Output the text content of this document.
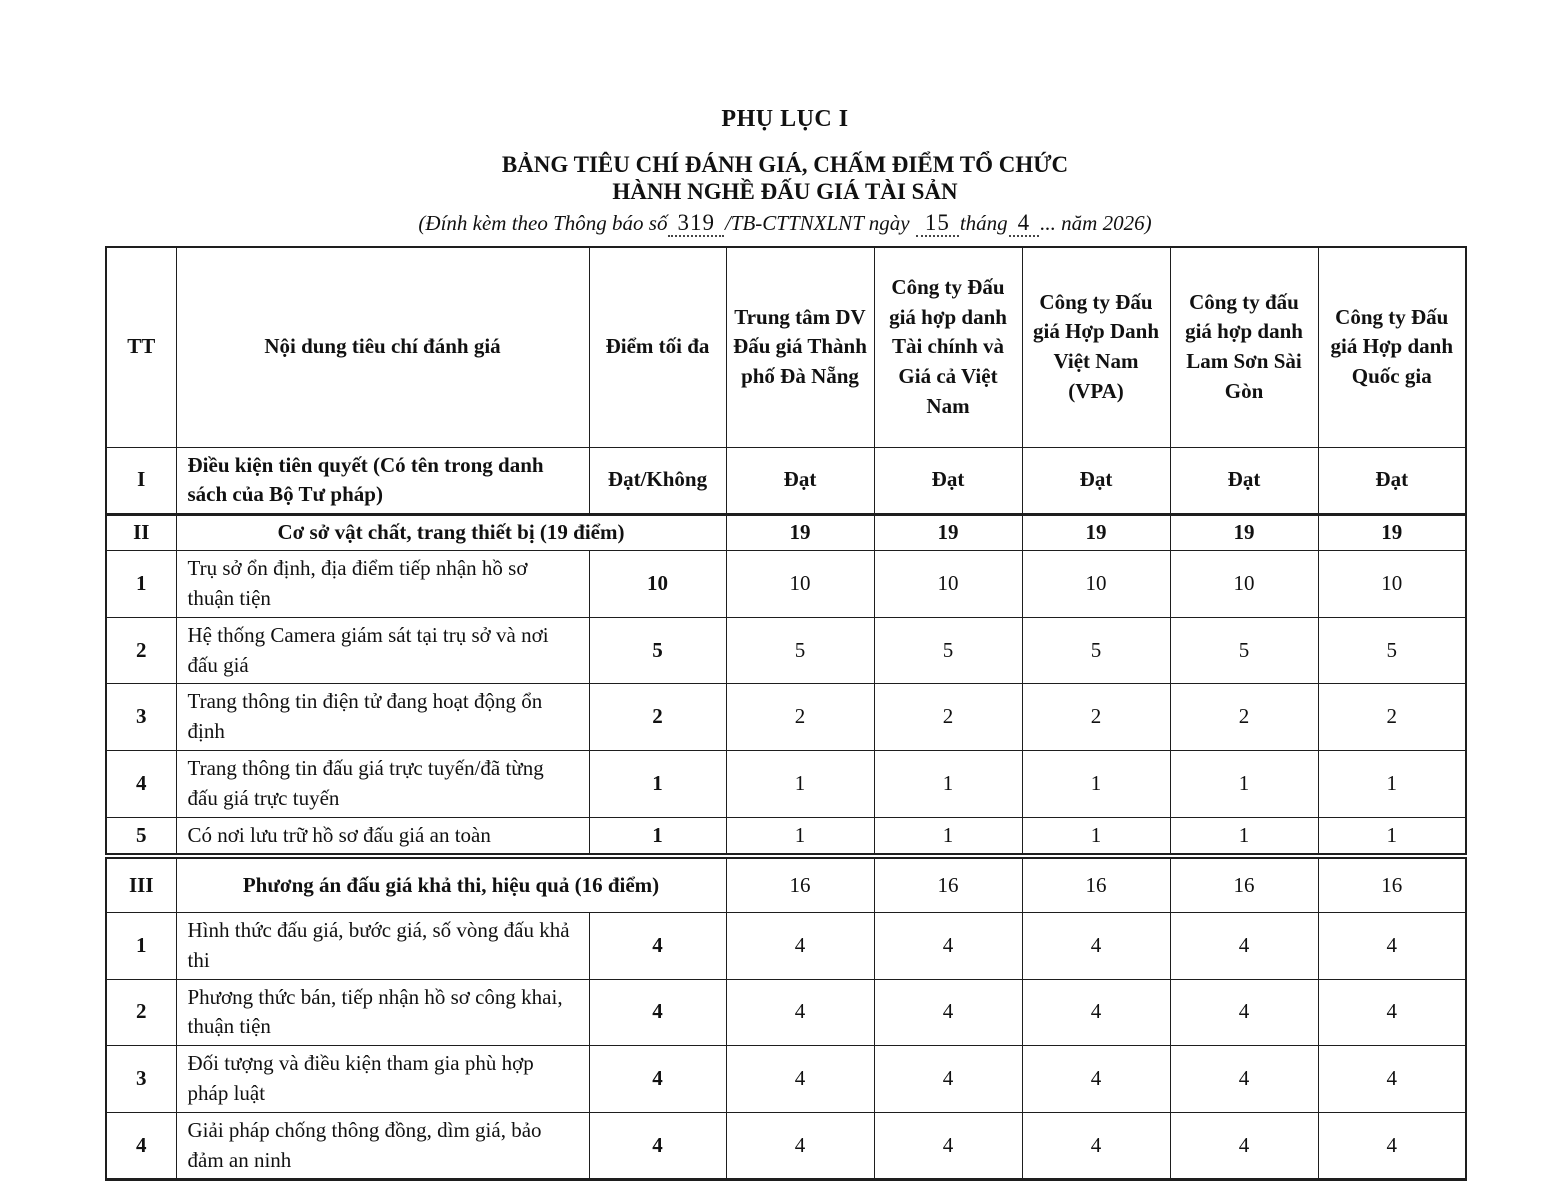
PHỤ LỤC I

BẢNG TIÊU CHÍ ĐÁNH GIÁ, CHẤM ĐIỂM TỔ CHỨC

HÀNH NGHỀ ĐẤU GIÁ TÀI SẢN

(Đính kèm theo Thông báo số 319 /TB-CTTNXLNT ngày 15 tháng 4 ... năm 2026)

TT	Nội dung tiêu chí đánh giá	Điểm tối đa	Trung tâm DV Đấu giá Thành phố Đà Nẵng	Công ty Đấu giá hợp danh Tài chính và Giá cả Việt Nam	Công ty Đấu giá Hợp Danh Việt Nam (VPA)	Công ty đấu giá hợp danh Lam Sơn Sài Gòn	Công ty Đấu giá Hợp danh Quốc gia
I	Điều kiện tiên quyết (Có tên trong danh sách của Bộ Tư pháp)	Đạt/Không	Đạt	Đạt	Đạt	Đạt	Đạt
II	Cơ sở vật chất, trang thiết bị (19 điểm)		19	19	19	19	19
1	Trụ sở ổn định, địa điểm tiếp nhận hồ sơ thuận tiện	10	10	10	10	10	10
2	Hệ thống Camera giám sát tại trụ sở và nơi đấu giá	5	5	5	5	5	5
3	Trang thông tin điện tử đang hoạt động ổn định	2	2	2	2	2	2
4	Trang thông tin đấu giá trực tuyến/đã từng đấu giá trực tuyến	1	1	1	1	1	1
5	Có nơi lưu trữ hồ sơ đấu giá an toàn	1	1	1	1	1	1
III	Phương án đấu giá khả thi, hiệu quả (16 điểm)		16	16	16	16	16
1	Hình thức đấu giá, bước giá, số vòng đấu khả thi	4	4	4	4	4	4
2	Phương thức bán, tiếp nhận hồ sơ công khai, thuận tiện	4	4	4	4	4	4
3	Đối tượng và điều kiện tham gia phù hợp pháp luật	4	4	4	4	4	4
4	Giải pháp chống thông đồng, dìm giá, bảo đảm an ninh	4	4	4	4	4	4
